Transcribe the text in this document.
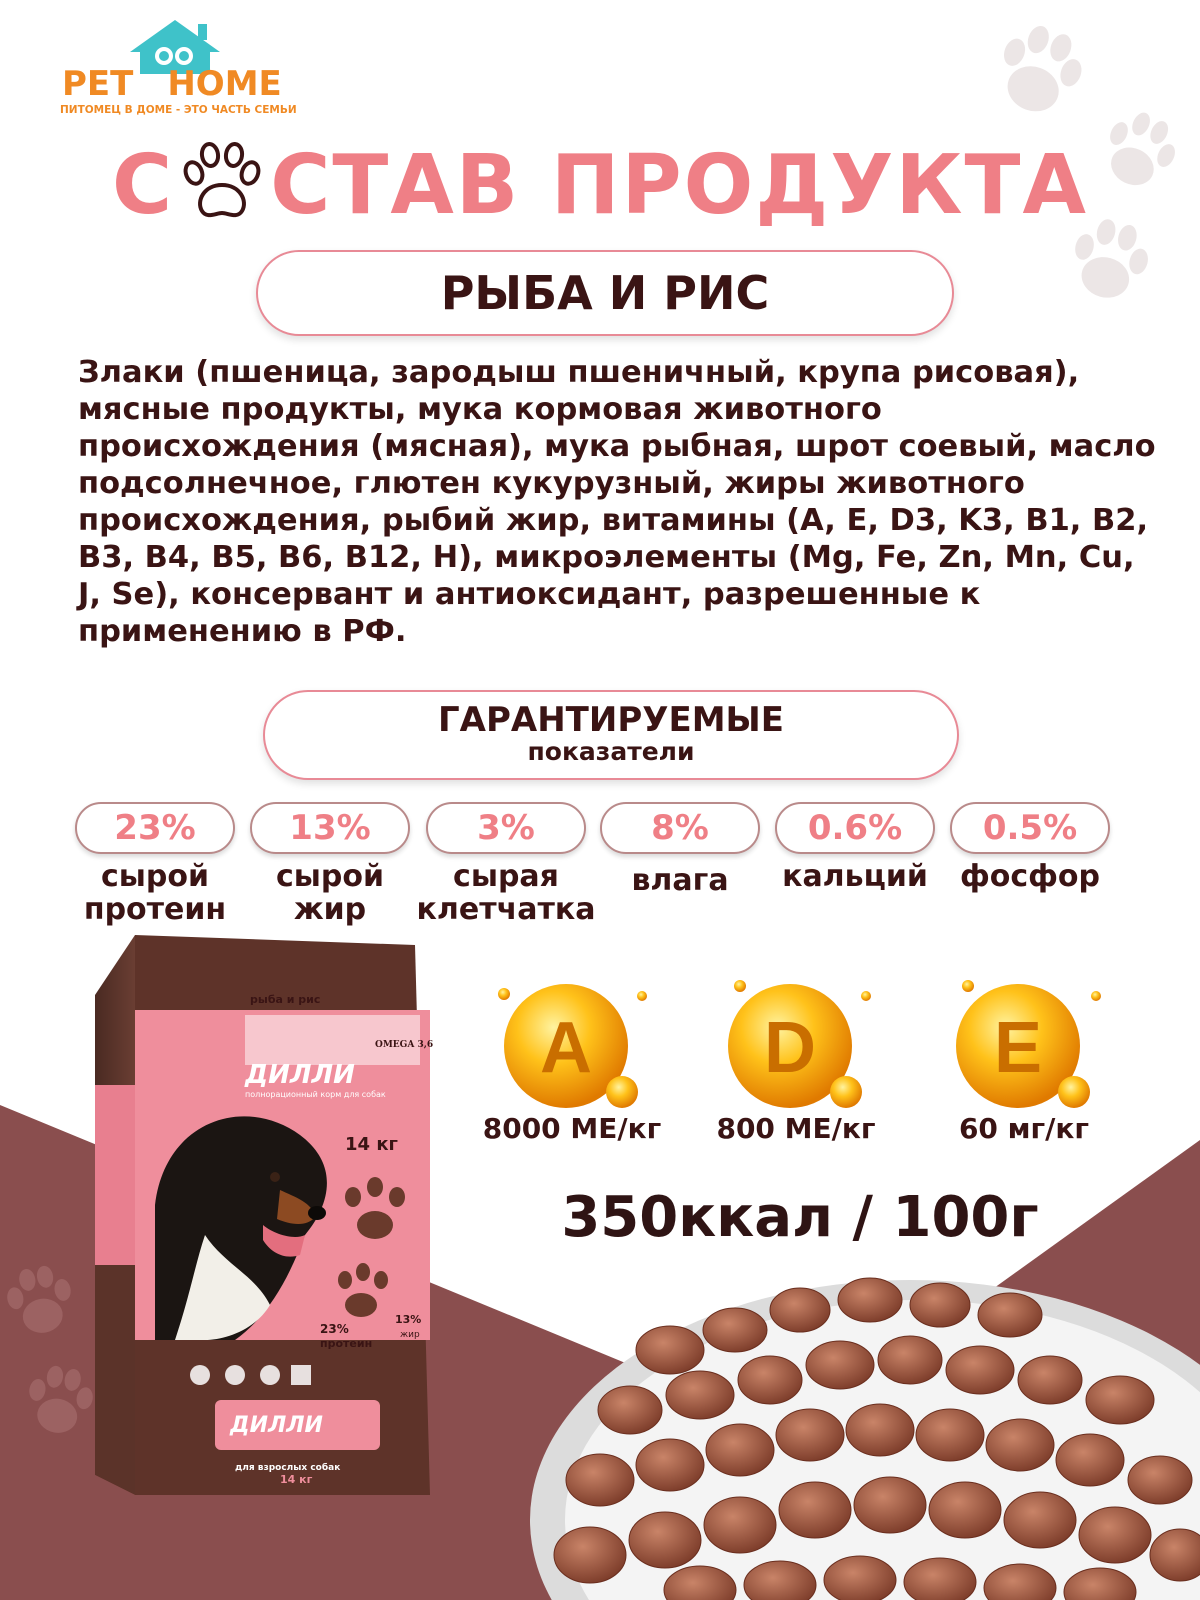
PET HOME
ПИТОМЕЦ В ДОМЕ - ЭТО ЧАСТЬ СЕМЬИ
С СТАВ ПРОДУКТА
РЫБА И РИС
Злаки (пшеница, зародыш пшеничный, крупа рисовая), мясные продукты, мука кормовая животного происхождения (мясная), мука рыбная, шрот соевый, масло подсолнечное, глютен кукурузный, жиры животного происхождения, рыбий жир, витамины (A, E, D3, K3, B1, B2, B3, B4, B5, B6, B12, H), микроэлементы (Mg, Fe, Zn, Mn, Cu, J, Se), консервант и антиоксидант, разрешенные к применению в РФ.
ГАРАНТИРУЕМЫЕ
показатели
23%
сырой
протеин
13%
сырой
жир
3%
сырая
клетчатка
8%
влага
0.6%
кальций
0.5%
фосфор
A D E
8000 МЕ/кг	800 МЕ/кг	60 мг/кг
350ккал / 100г
рыба и рис
OMEGA 3,6
ДИЛЛИ
полнорационный корм для собак
14 кг
23%
протеин
13%
жир
ДИЛЛИ
для взрослых собак
14 кг
